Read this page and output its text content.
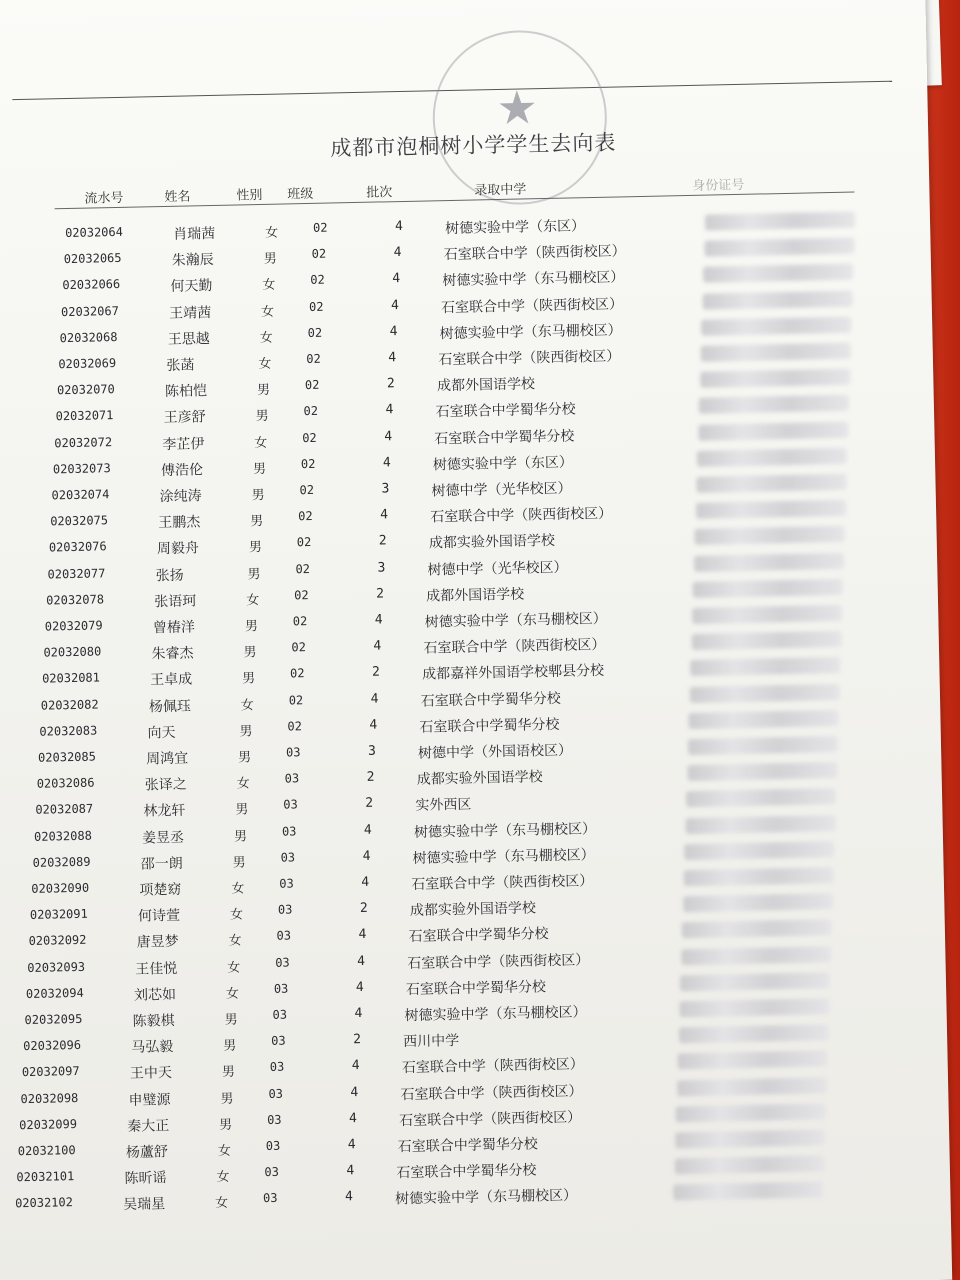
★
成都市泡桐树小学学生去向表
流水号	姓名	性别 班级	批次	录取中学	身份证号
02032064	肖瑞茜	女	02	4	树德实验中学（东区）
02032065	朱瀚辰	男	02	4	石室联合中学（陕西街校区）
02032066	何天勤	女	02	4	树德实验中学（东马棚校区）
02032067	王靖茜	女	02	4	石室联合中学（陕西街校区）
02032068	王思越	女	02	4	树德实验中学（东马棚校区）
02032069	张菡	女	02	4	石室联合中学（陕西街校区）
02032070	陈柏恺	男	02	2	成都外国语学校
02032071	王彦舒	男	02	4	石室联合中学蜀华分校
02032072	李芷伊	女	02	4	石室联合中学蜀华分校
02032073	傅浩伦	男	02	4	树德实验中学（东区）
02032074	涂纯涛	男	02	3	树德中学（光华校区）
02032075	王鹏杰	男	02	4	石室联合中学（陕西街校区）
02032076	周毅舟	男	02	2	成都实验外国语学校
02032077	张扬	男	02	3	树德中学（光华校区）
02032078	张语珂	女	02	2	成都外国语学校
02032079	曾椿洋	男	02	4	树德实验中学（东马棚校区）
02032080	朱睿杰	男	02	4	石室联合中学（陕西街校区）
02032081	王卓成	男	02	2	成都嘉祥外国语学校郫县分校
02032082	杨佩珏	女	02	4	石室联合中学蜀华分校
02032083	向天	男	02	4	石室联合中学蜀华分校
02032085	周鸿宜	男	03	3	树德中学（外国语校区）
02032086	张译之	女	03	2	成都实验外国语学校
02032087	林龙轩	男	03	2	实外西区
02032088	姜昱丞	男	03	4	树德实验中学（东马棚校区）
02032089	邵一朗	男	03	4	树德实验中学（东马棚校区）
02032090	项楚窈	女	03	4	石室联合中学（陕西街校区）
02032091	何诗萱	女	03	2	成都实验外国语学校
02032092	唐昱梦	女	03	4	石室联合中学蜀华分校
02032093	王佳悦	女	03	4	石室联合中学（陕西街校区）
02032094	刘芯如	女	03	4	石室联合中学蜀华分校
02032095	陈毅棋	男	03	4	树德实验中学（东马棚校区）
02032096	马弘毅	男	03	2	西川中学
02032097	王中天	男	03	4	石室联合中学（陕西街校区）
02032098	申璧源	男	03	4	石室联合中学（陕西街校区）
02032099	秦大正	男	03	4	石室联合中学（陕西街校区）
02032100	杨蘆舒	女	03	4	石室联合中学蜀华分校
02032101	陈昕谣	女	03	4	石室联合中学蜀华分校
02032102	吴瑞星	女	03	4	树德实验中学（东马棚校区）
